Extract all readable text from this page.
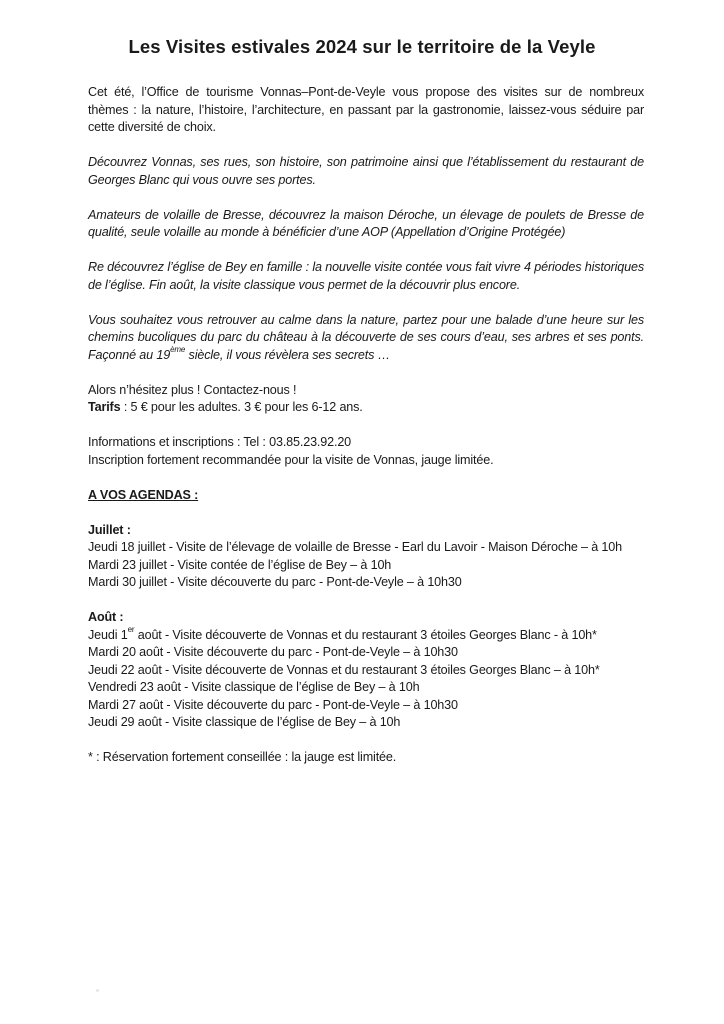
Les Visites estivales 2024 sur le territoire de la Veyle

Cet été, l’Office de tourisme Vonnas–Pont-de-Veyle vous propose des visites sur de nombreux thèmes : la nature, l’histoire, l’architecture, en passant par la gastronomie, laissez-vous séduire par cette diversité de choix.

Découvrez Vonnas, ses rues, son histoire, son patrimoine ainsi que l’établissement du restaurant de Georges Blanc qui vous ouvre ses portes.

Amateurs de volaille de Bresse, découvrez la maison Déroche, un élevage de poulets de Bresse de qualité, seule volaille au monde à bénéficier d’une AOP (Appellation d’Origine Protégée)

Re découvrez l’église de Bey en famille : la nouvelle visite contée vous fait vivre 4 périodes historiques de l’église. Fin août, la visite classique vous permet de la découvrir plus encore.

Vous souhaitez vous retrouver au calme dans la nature, partez pour une balade d’une heure sur les chemins bucoliques du parc du château à la découverte de ses cours d’eau, ses arbres et ses ponts. Façonné au 19ème siècle, il vous révèlera ses secrets …

Alors n’hésitez plus ! Contactez-nous !

Tarifs : 5 € pour les adultes. 3 € pour les 6-12 ans.

Informations et inscriptions : Tel : 03.85.23.92.20

Inscription fortement recommandée pour la visite de Vonnas, jauge limitée.

A VOS AGENDAS :

Juillet :

Jeudi 18 juillet - Visite de l’élevage de volaille de Bresse - Earl du Lavoir - Maison Déroche – à 10h

Mardi 23 juillet - Visite contée de l’église de Bey – à 10h

Mardi 30 juillet - Visite découverte du parc - Pont-de-Veyle – à 10h30

Août :

Jeudi 1er août - Visite découverte de Vonnas et du restaurant 3 étoiles Georges Blanc - à 10h*

Mardi 20 août - Visite découverte du parc - Pont-de-Veyle – à 10h30

Jeudi 22 août - Visite découverte de Vonnas et du restaurant 3 étoiles Georges Blanc – à 10h*

Vendredi 23 août - Visite classique de l’église de Bey – à 10h

Mardi 27 août - Visite découverte du parc - Pont-de-Veyle – à 10h30

Jeudi 29 août - Visite classique de l’église de Bey – à 10h

* : Réservation fortement conseillée : la jauge est limitée.
